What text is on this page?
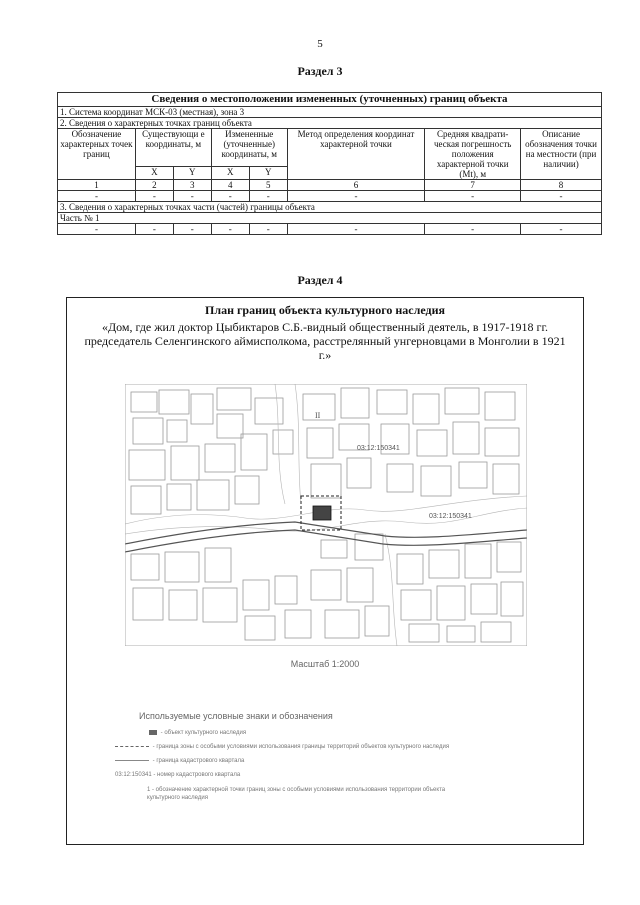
5
Раздел 3
Сведения о местоположении измененных (уточненных) границ объекта							
1. Система координат МСК-03 (местная), зона 3							
2. Сведения о характерных точках границ объекта							
Обозначение характерных точек границ	Существующи е координаты, м		Измененные (уточненные) координаты, м		Метод определения координат характерной точки	Средняя квадрати-ческая погрешность положения характерной точки (Mt), м	Описание обозначения точки на местности (при наличии)
	X	Y	X	Y			
1	2	3	4	5	6	7	8
-	-	-	-	-	-	-	-
3. Сведения о характерных точках части (частей) границы объекта							
Часть № 1							
-	-	-	-	-	-	-	-
Раздел 4
План границ объекта культурного наследия
«Дом, где жил доктор Цыбиктаров С.Б.-видный общественный деятель, в 1917-1918 гг. председатель Селенгинского аймисполкома, расстрелянный унгерновцами в Монголии в 1921 г.»
03:12:150341
II
03:12:150341
Масштаб 1:2000
Используемые условные знаки и обозначения
- объект культурного наследия
- граница зоны с особыми условиями использования границы территорий объектов культурного наследия
- граница кадастрового квартала
03:12:150341 - номер кадастрового квартала
1 - обозначение характерной точки границ зоны с особыми условиями использования территории объекта культурного наследия
